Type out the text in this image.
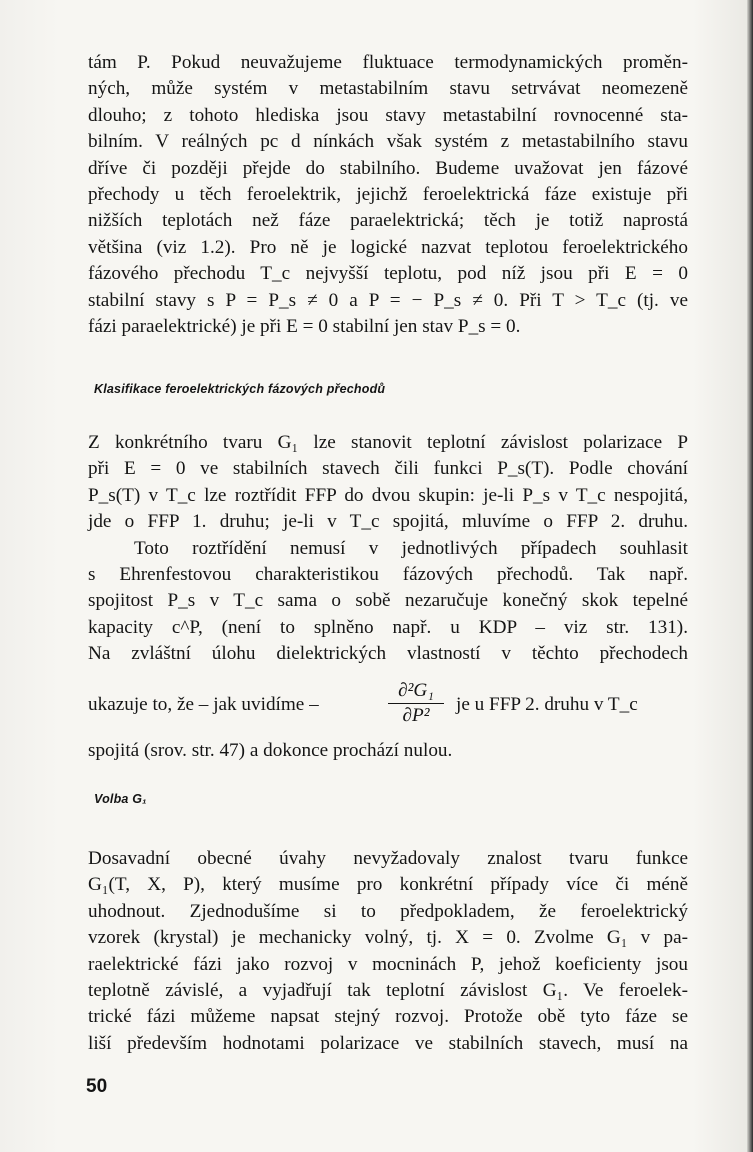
tám P. Pokud neuvažujeme fluktuace termodynamických proměn-
ných, může systém v metastabilním stavu setrvávat neomezeně
dlouho; z tohoto hlediska jsou stavy metastabilní rovnocenné sta-
bilním. V reálných pc d nínkách však systém z metastabilního stavu
dříve či později přejde do stabilního. Budeme uvažovat jen fázové
přechody u těch feroelektrik, jejichž feroelektrická fáze existuje při
nižších teplotách než fáze paraelektrická; těch je totiž naprostá
většina (viz 1.2). Pro ně je logické nazvat teplotou feroelektrického
fázového přechodu T_c nejvyšší teplotu, pod níž jsou při E = 0
stabilní stavy s P = P_s ≠ 0 a P = − P_s ≠ 0. Při T > T_c (tj. ve
fázi paraelektrické) je při E = 0 stabilní jen stav P_s = 0.
Klasifikace feroelektrických fázových přechodů
Z konkrétního tvaru G₁ lze stanovit teplotní závislost polarizace P
při E = 0 ve stabilních stavech čili funkci P_s(T). Podle chování
P_s(T) v T_c lze roztřídit FFP do dvou skupin: je-li P_s v T_c nespojitá,
jde o FFP 1. druhu; je-li v T_c spojitá, mluvíme o FFP 2. druhu.
Toto roztřídění nemusí v jednotlivých případech souhlasit
s Ehrenfestovou charakteristikou fázových přechodů. Tak např.
spojitost P_s v T_c sama o sobě nezaručuje konečný skok tepelné
kapacity c^P, (není to splněno např. u KDP – viz str. 131).
Na zvláštní úlohu dielektrických vlastností v těchto přechodech
ukazuje to, že – jak uvidíme –
∂²G₁
∂P²
je u FFP 2. druhu v T_c
spojitá (srov. str. 47) a dokonce prochází nulou.
Volba G₁
Dosavadní obecné úvahy nevyžadovaly znalost tvaru funkce
G₁(T, X, P), který musíme pro konkrétní případy více či méně
uhodnout. Zjednodušíme si to předpokladem, že feroelektrický
vzorek (krystal) je mechanicky volný, tj. X = 0. Zvolme G₁ v pa-
raelektrické fázi jako rozvoj v mocninách P, jehož koeficienty jsou
teplotně závislé, a vyjadřují tak teplotní závislost G₁. Ve feroelek-
trické fázi můžeme napsat stejný rozvoj. Protože obě tyto fáze se
liší především hodnotami polarizace ve stabilních stavech, musí na
50
